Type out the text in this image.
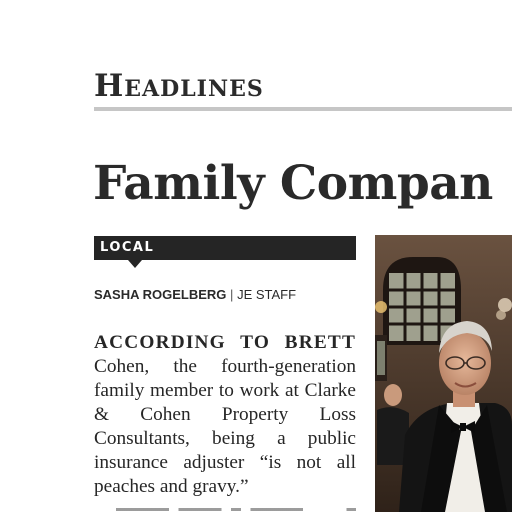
Headlines
Family Compan
LOCAL
SASHA ROGELBERG | JE STAFF
ACCORDING TO BRETT Cohen, the fourth-generation family member to work at Clarke & Cohen Property Loss Consultants, being a public insurance adjuster “is not all peaches and gravy.”
